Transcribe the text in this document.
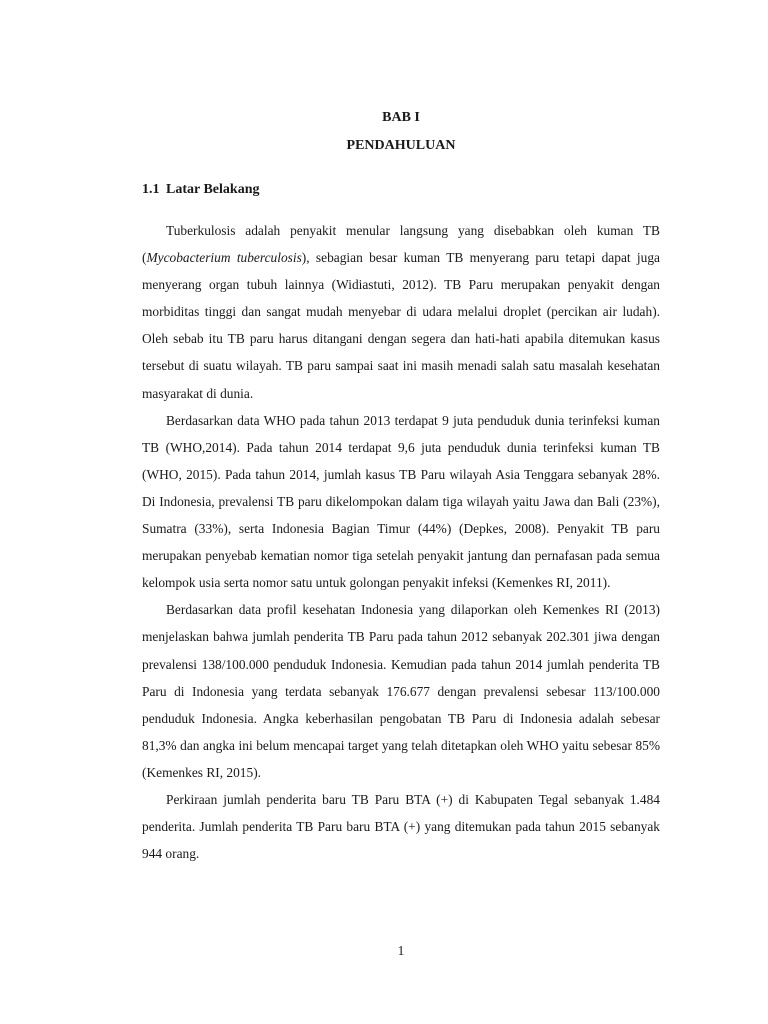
BAB I
PENDAHULUAN
1.1 Latar Belakang

Tuberkulosis adalah penyakit menular langsung yang disebabkan oleh kuman TB (Mycobacterium tuberculosis), sebagian besar kuman TB menyerang paru tetapi dapat juga menyerang organ tubuh lainnya (Widiastuti, 2012). TB Paru merupakan penyakit dengan morbiditas tinggi dan sangat mudah menyebar di udara melalui droplet (percikan air ludah). Oleh sebab itu TB paru harus ditangani dengan segera dan hati-hati apabila ditemukan kasus tersebut di suatu wilayah. TB paru sampai saat ini masih menadi salah satu masalah kesehatan masyarakat di dunia.

Berdasarkan data WHO pada tahun 2013 terdapat 9 juta penduduk dunia terinfeksi kuman TB (WHO,2014). Pada tahun 2014 terdapat 9,6 juta penduduk dunia terinfeksi kuman TB (WHO, 2015). Pada tahun 2014, jumlah kasus TB Paru wilayah Asia Tenggara sebanyak 28%. Di Indonesia, prevalensi TB paru dikelompokan dalam tiga wilayah yaitu Jawa dan Bali (23%), Sumatra (33%), serta Indonesia Bagian Timur (44%) (Depkes, 2008). Penyakit TB paru merupakan penyebab kematian nomor tiga setelah penyakit jantung dan pernafasan pada semua kelompok usia serta nomor satu untuk golongan penyakit infeksi (Kemenkes RI, 2011).

Berdasarkan data profil kesehatan Indonesia yang dilaporkan oleh Kemenkes RI (2013) menjelaskan bahwa jumlah penderita TB Paru pada tahun 2012 sebanyak 202.301 jiwa dengan prevalensi 138/100.000 penduduk Indonesia. Kemudian pada tahun 2014 jumlah penderita TB Paru di Indonesia yang terdata sebanyak 176.677 dengan prevalensi sebesar 113/100.000 penduduk Indonesia. Angka keberhasilan pengobatan TB Paru di Indonesia adalah sebesar 81,3% dan angka ini belum mencapai target yang telah ditetapkan oleh WHO yaitu sebesar 85% (Kemenkes RI, 2015).

Perkiraan jumlah penderita baru TB Paru BTA (+) di Kabupaten Tegal sebanyak 1.484 penderita. Jumlah penderita TB Paru baru BTA (+) yang ditemukan pada tahun 2015 sebanyak 944 orang.

1
